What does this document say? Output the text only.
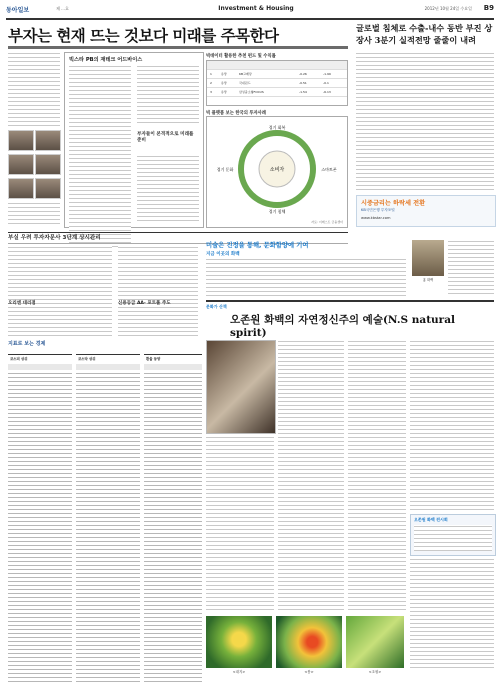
동아일보	제 ...호	Investment & Housing	2012년 10월 24일 수요일 B9
부자는 현재 뜨는 것보다 미래를 주목한다	글로벌 침체로 수출-내수 동반 부진 상장사 3분기 실적전망 줄줄이 내려
빅스타 PB의 재테크 어드바이스
부자들이 본격적으로 미래를 준비
빅데이터 활용한 추천 펀드 및 수익률
1	유망	KB고배당	-0.26	-1.99
2	유망	국내펀드	-0.51	-0.1
3	유망	삼성중소형FOCUS	-1.54	-6.13
빅 플랫폼 보는 한국의 투자사례
소비자
경기 회복
경기 침체
경기 둔화	스마트폰
자료: 이베스트 금융센터
부실 우려 투자자문사 3단계 상시관리
오리엔 대리점	신용등급 AA- 포트폴 주도
지표로 보는 경제
코스피 상위	코스닥 상위	환율 동향
시중금리는 하락세 전환
KB국민은행 투자포털
www.kbstar.com
미술은 진정을 통해, 문화함양에 기여
지금 이곳의 화백
홍 화백
문화가 산책
오존원 화백의 자연정신주의 예술(N.S natural spirit)
오존원 화백 전시회
<대지>	<봄>	<초원>
